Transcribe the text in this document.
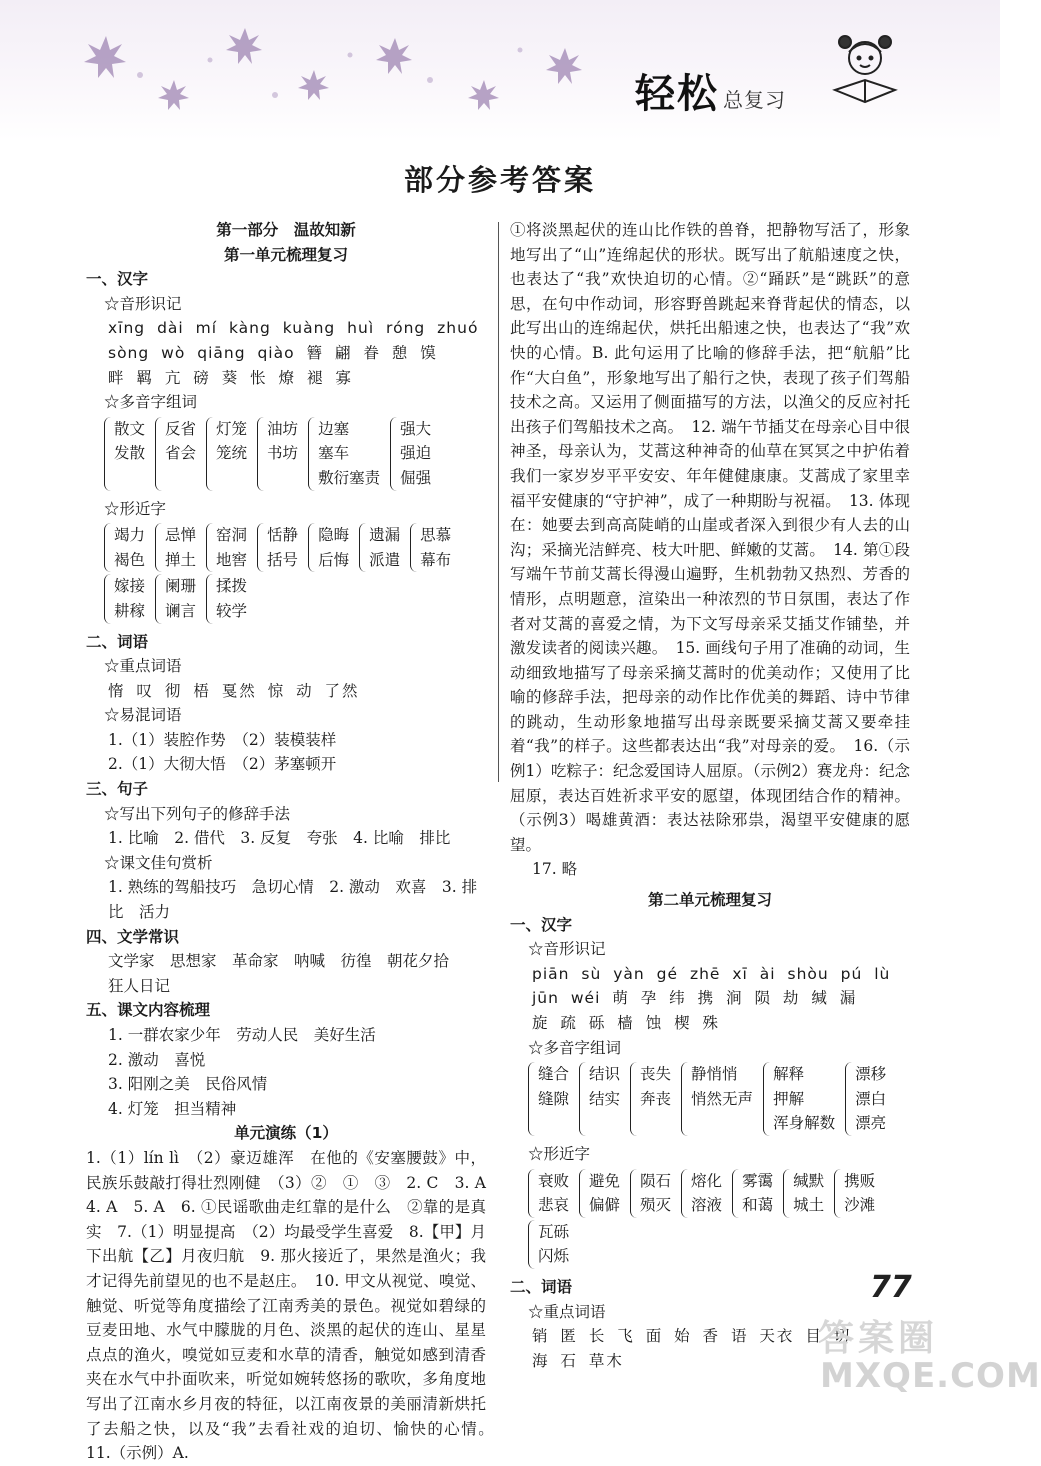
轻松 总复习
部分参考答案
第一部分　温故知新
第一单元梳理复习
一、汉字
☆音形识记
xīng dài mí kàng kuàng huì róng zhuó
sòng wò qiāng qiào 簪 翩 眷 憩 馍
畔 羁 亢 磅 葵 怅 燎 褪 寡
☆多音字组词
散文
发散
反省
省会
灯笼
笼统
油坊
书坊
边塞
塞车
敷衍塞责
强大
强迫
倔强
☆形近字
竭力
褐色
忌惮
掸土
窑洞
地窖
恬静
括号
隐晦
后悔
遗漏
派遣
思慕
幕布
嫁接
耕稼
阑珊
谰言
揉拨
较学
二、词语
☆重点词语
惰 叹 彻 梧 戛然 惊 动 了然
☆易混词语
1.（1）装腔作势　（2）装模装样
2.（1）大彻大悟　（2）茅塞顿开
三、句子
☆写出下列句子的修辞手法
1. 比喻　2. 借代　3. 反复　夸张　4. 比喻　排比
☆课文佳句赏析
1. 熟练的驾船技巧　急切心情　2. 激动　欢喜　3. 排
比　活力
四、文学常识
文学家　思想家　革命家　呐喊　彷徨　朝花夕拾
狂人日记
五、课文内容梳理
1. 一群农家少年　劳动人民　美好生活
2. 激动　喜悦
3. 阳刚之美　民俗风情
4. 灯笼　担当精神
单元演练（1）
1.（1）lín lì　（2）豪迈雄浑　在他的《安塞腰鼓》中，民族乐鼓敲打得壮烈刚健　（3）②　①　③　2. C　3. A　4. A　5. A　6. ①民谣歌曲走红靠的是什么　②靠的是真实　7.（1）明显提高　（2）均最受学生喜爱　8.【甲】月下出航【乙】月夜归航　9. 那火接近了，果然是渔火；我才记得先前望见的也不是赵庄。　10. 甲文从视觉、嗅觉、触觉、听觉等角度描绘了江南秀美的景色。视觉如碧绿的豆麦田地、水气中朦胧的月色、淡黑的起伏的连山、星星点点的渔火，嗅觉如豆麦和水草的清香，触觉如感到清香夹在水气中扑面吹来，听觉如婉转悠扬的歌吹，多角度地写出了江南水乡月夜的特征，以江南夜景的美丽清新烘托了去船之快，以及“我”去看社戏的迫切、愉快的心情。　11.（示例）A.
①将淡黑起伏的连山比作铁的兽脊，把静物写活了，形象地写出了“山”连绵起伏的形状。既写出了航船速度之快，也表达了“我”欢快迫切的心情。②“踊跃”是“跳跃”的意思，在句中作动词，形容野兽跳起来脊背起伏的情态，以此写出山的连绵起伏，烘托出船速之快，也表达了“我”欢快的心情。B. 此句运用了比喻的修辞手法，把“航船”比作“大白鱼”，形象地写出了船行之快，表现了孩子们驾船技术之高。又运用了侧面描写的方法，以渔父的反应衬托出孩子们驾船技术之高。　12. 端午节插艾在母亲心目中很神圣，母亲认为，艾蒿这种神奇的仙草在冥冥之中护佑着我们一家岁岁平平安安、年年健健康康。艾蒿成了家里幸福平安健康的“守护神”，成了一种期盼与祝福。　13. 体现在：她要去到高高陡峭的山崖或者深入到很少有人去的山沟；采摘光洁鲜亮、枝大叶肥、鲜嫩的艾蒿。　14. 第①段写端午节前艾蒿长得漫山遍野，生机勃勃又热烈、芳香的情形，点明题意，渲染出一种浓烈的节日氛围，表达了作者对艾蒿的喜爱之情，为下文写母亲采艾插艾作铺垫，并激发读者的阅读兴趣。　15. 画线句子用了准确的动词，生动细致地描写了母亲采摘艾蒿时的优美动作；又使用了比喻的修辞手法，把母亲的动作比作优美的舞蹈、诗中节律的跳动，生动形象地描写出母亲既要采摘艾蒿又要牵挂着“我”的样子。这些都表达出“我”对母亲的爱。　16.（示例1）吃粽子：纪念爱国诗人屈原。（示例2）赛龙舟：纪念屈原，表达百姓祈求平安的愿望，体现团结合作的精神。（示例3）喝雄黄酒：表达祛除邪祟，渴望平安健康的愿望。
17. 略
第二单元梳理复习
一、汉字
☆音形识记
piān sù yàn gé zhē xī ài shòu pú lù
jūn wéi 萌 孕 纬 携 涧 陨 劫 缄 漏
旋 疏 砾 樯 蚀 楔 殊
☆多音字组词
缝合
缝隙
结识
结实
丧失
奔丧
静悄悄
悄然无声
解释
押解
浑身解数
漂移
漂白
漂亮
☆形近字
衰败
悲哀
避免
偏僻
陨石
殒灭
熔化
溶液
雾霭
和蔼
缄默
城土
携贩
沙滩
瓦砾
闪烁
二、词语
☆重点词语
销 匿 长 飞 面 始 香 语 天衣 目 切
海 石 草木
77
答案圈
MXQE.COM
